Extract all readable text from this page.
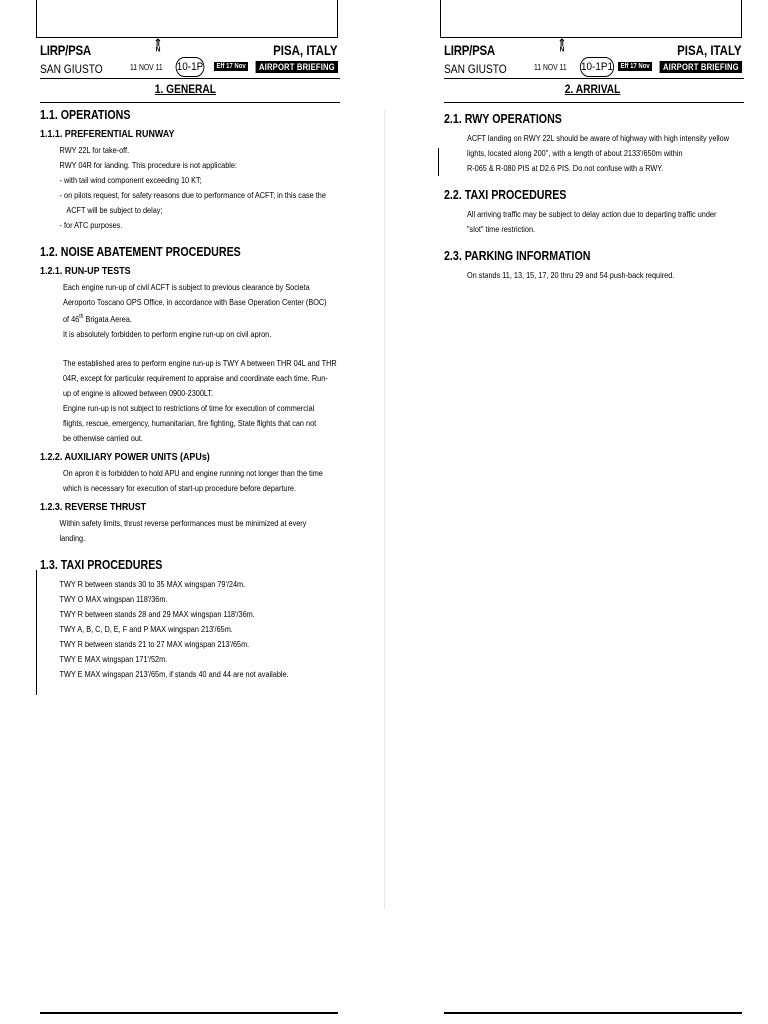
LIRP/PSA
SAN GIUSTO
⇑
ᴺ
11 NOV 11 10-1P	Eff 17 Nov
PISA, ITALY
AIRPORT BRIEFING
1. GENERAL
1.1. OPERATIONS
1.1.1. PREFERENTIAL RUNWAY

RWY 22L for take-off.

RWY 04R for landing. This procedure is not applicable:

- with tail wind component exceeding 10 KT;

- on pilots request, for safety reasons due to performance of ACFT; in this case the

ACFT will be subject to delay;

- for ATC purposes.

1.2. NOISE ABATEMENT PROCEDURES
1.2.1. RUN-UP TESTS

Each engine run-up of civil ACFT is subject to previous clearance by Societa

Aeroporto Toscano OPS Office, in accordance with Base Operation Center (BOC)

of 46th Brigata Aerea.

It is absolutely forbidden to perform engine run-up on civil apron.

The established area to perform engine run-up is TWY A between THR 04L and THR

04R, except for particular requirement to appraise and coordinate each time. Run-

up of engine is allowed between 0900-2300LT.

Engine run-up is not subject to restrictions of time for execution of commercial

flights, rescue, emergency, humanitarian, fire fighting, State flights that can not

be otherwise carried out.

1.2.2. AUXILIARY POWER UNITS (APUs)

On apron it is forbidden to hold APU and engine running not longer than the time

which is necessary for execution of start-up procedure before departure.

1.2.3. REVERSE THRUST

Within safety limits, thrust reverse performances must be minimized at every

landing.

1.3. TAXI PROCEDURES

TWY R between stands 30 to 35 MAX wingspan 79'/24m.

TWY O MAX wingspan 118'/36m.

TWY R between stands 28 and 29 MAX wingspan 118'/36m.

TWY A, B, C, D, E, F and P MAX wingspan 213'/65m.

TWY R between stands 21 to 27 MAX wingspan 213'/65m.

TWY E MAX wingspan 171'/52m.

TWY E MAX wingspan 213'/65m, if stands 40 and 44 are not available.

LIRP/PSA
SAN GIUSTO
⇑
ᴺ
11 NOV 11 10-1P1	Eff 17 Nov
PISA, ITALY
AIRPORT BRIEFING
2. ARRIVAL
2.1. RWY OPERATIONS

ACFT landing on RWY 22L should be aware of highway with high intensity yellow

lights, located along 200", with a length of about 2133'/650m within

R-065 & R-080 PIS at D2.6 PIS. Do not confuse with a RWY.

2.2. TAXI PROCEDURES

All arriving traffic may be subject to delay action due to departing traffic under

"slot" time restriction.

2.3. PARKING INFORMATION

On stands 11, 13, 15, 17, 20 thru 29 and 54 push-back required.
